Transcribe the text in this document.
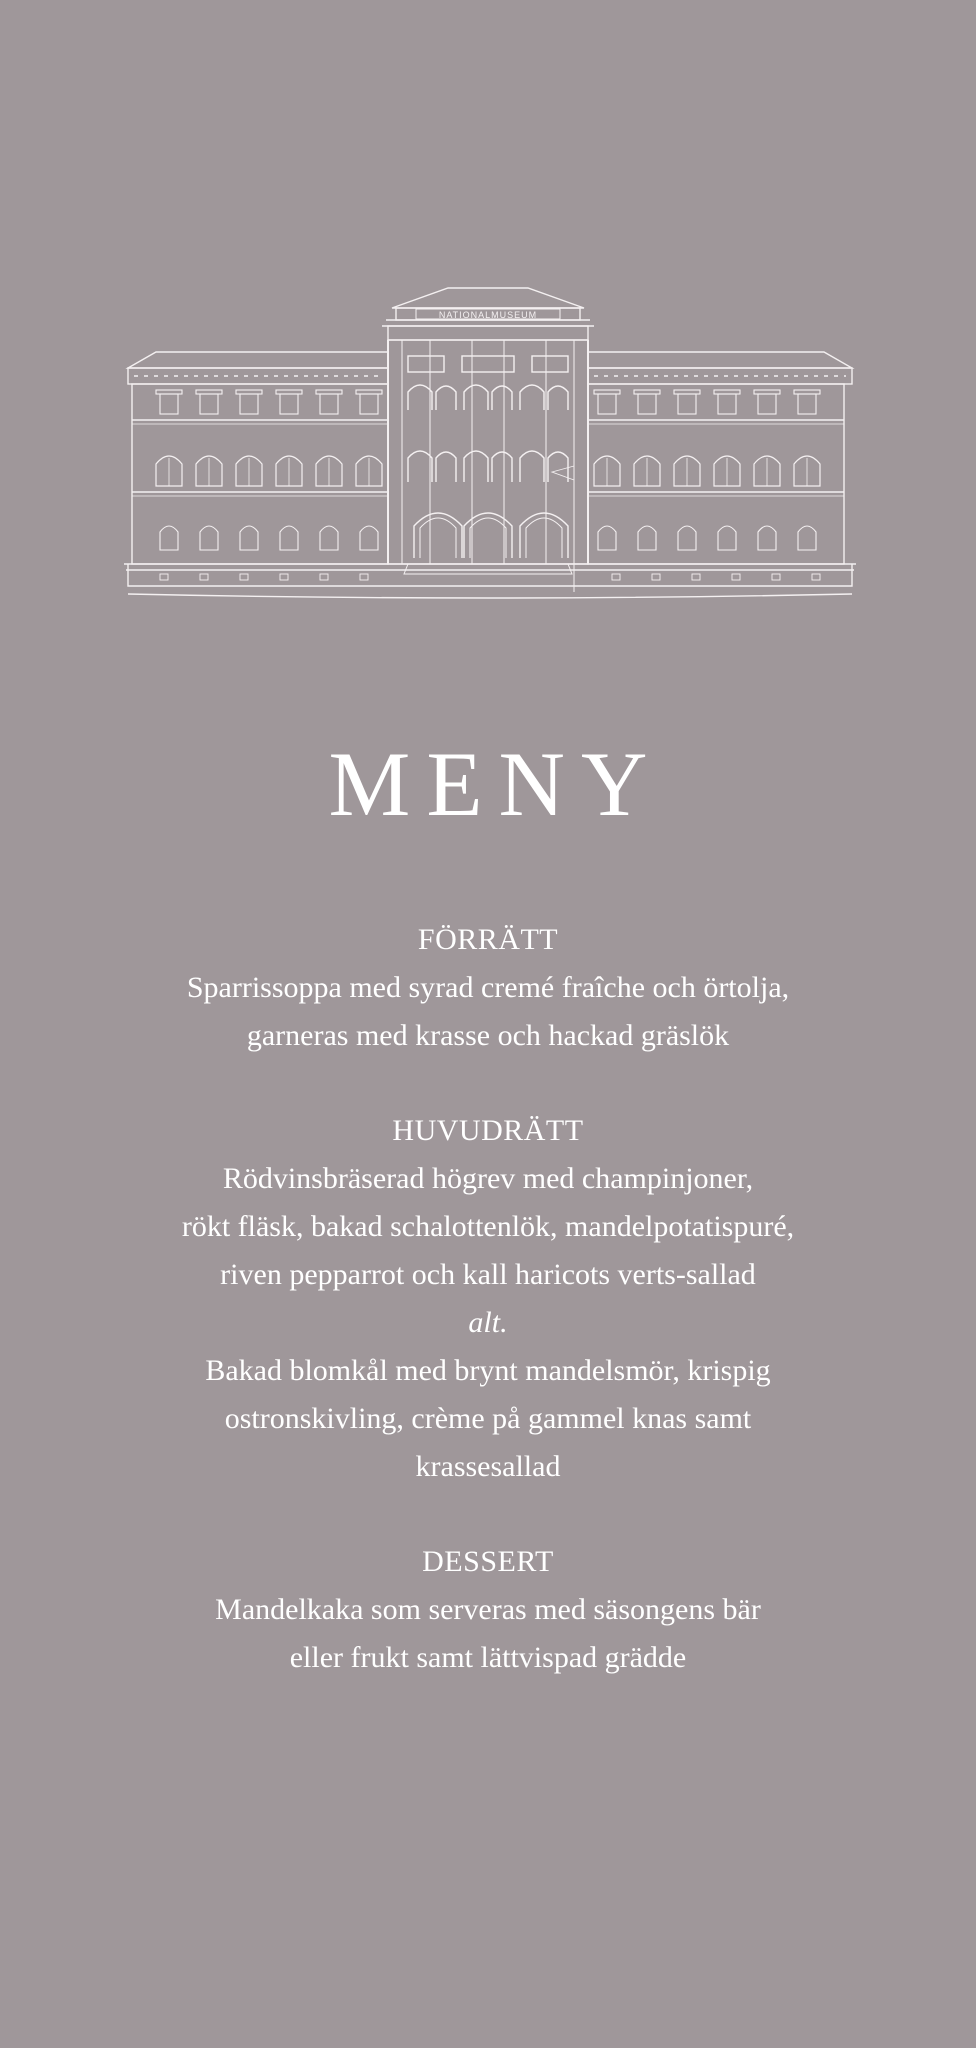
NATIONALMUSEUM
MENY

FÖRRÄTT

Sparrissoppa med syrad cremé fraîche och örtolja,

garneras med krasse och hackad gräslök

HUVUDRÄTT

Rödvinsbräserad högrev med champinjoner,

rökt fläsk, bakad schalottenlök, mandelpotatispuré,

riven pepparrot och kall haricots verts-sallad

alt.

Bakad blomkål med brynt mandelsmör, krispig

ostronskivling, crème på gammel knas samt

krassesallad

DESSERT

Mandelkaka som serveras med säsongens bär

eller frukt samt lättvispad grädde
